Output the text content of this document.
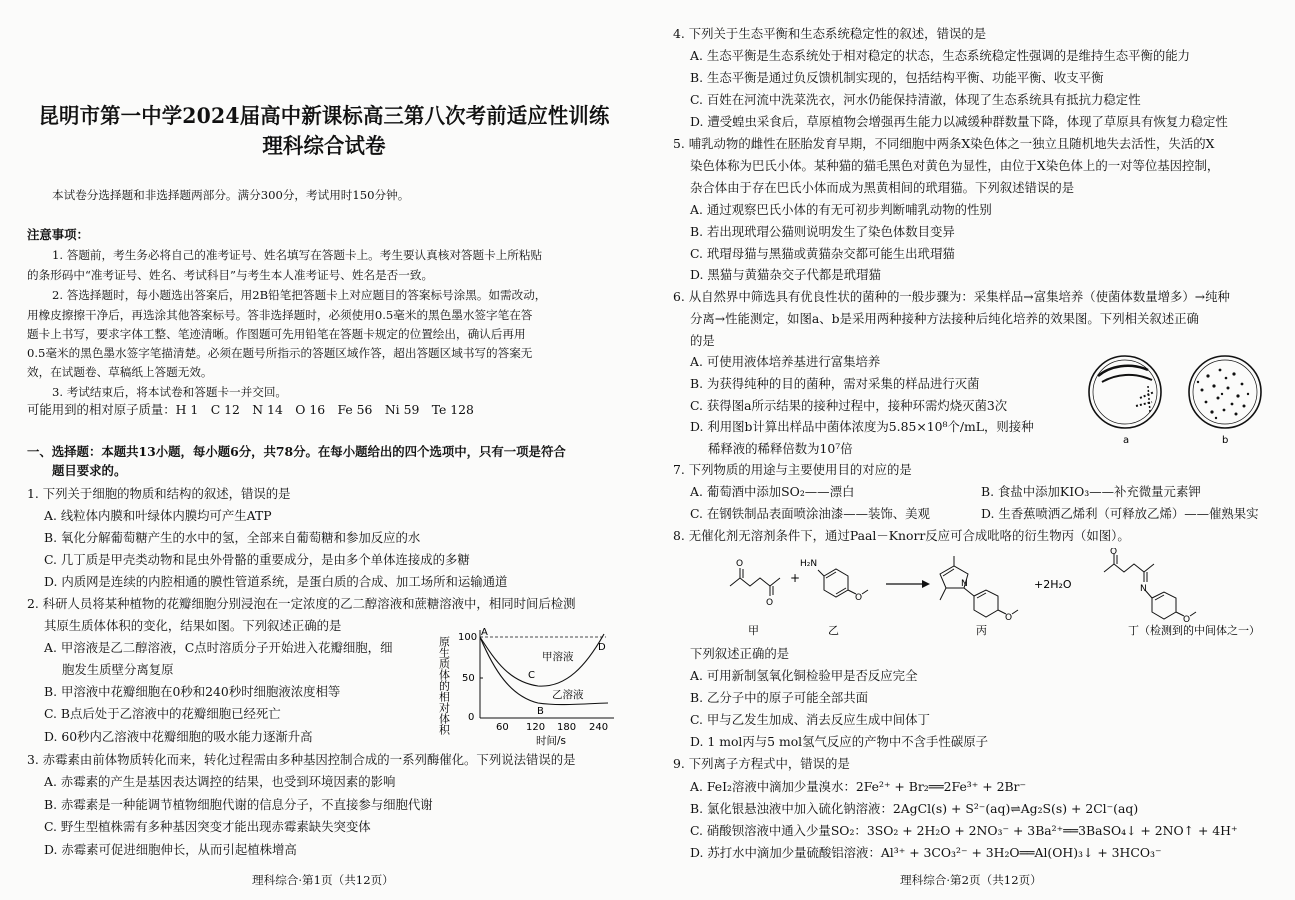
昆明市第一中学2024届高中新课标高三第八次考前适应性训练
理科综合试卷
本试卷分选择题和非选择题两部分。满分300分，考试用时150分钟。
注意事项：
1. 答题前，考生务必将自己的准考证号、姓名填写在答题卡上。考生要认真核对答题卡上所粘贴
的条形码中“准考证号、姓名、考试科目”与考生本人准考证号、姓名是否一致。
2. 答选择题时，每小题选出答案后，用2B铅笔把答题卡上对应题目的答案标号涂黑。如需改动，
用橡皮擦擦干净后，再选涂其他答案标号。答非选择题时，必须使用0.5毫米的黑色墨水签字笔在答
题卡上书写，要求字体工整、笔迹清晰。作图题可先用铅笔在答题卡规定的位置绘出，确认后再用
0.5毫米的黑色墨水签字笔描清楚。必须在题号所指示的答题区域作答，超出答题区域书写的答案无
效，在试题卷、草稿纸上答题无效。
3. 考试结束后，将本试卷和答题卡一并交回。
可能用到的相对原子质量：H 1　C 12　N 14　O 16　Fe 56　Ni 59　Te 128
一、选择题：本题共13小题，每小题6分，共78分。在每小题给出的四个选项中，只有一项是符合
题目要求的。
1. 下列关于细胞的物质和结构的叙述，错误的是
A. 线粒体内膜和叶绿体内膜均可产生ATP
B. 氧化分解葡萄糖产生的水中的氢，全部来自葡萄糖和参加反应的水
C. 几丁质是甲壳类动物和昆虫外骨骼的重要成分，是由多个单体连接成的多糖
D. 内质网是连续的内腔相通的膜性管道系统，是蛋白质的合成、加工场所和运输通道
2. 科研人员将某种植物的花瓣细胞分别浸泡在一定浓度的乙二醇溶液和蔗糖溶液中，相同时间后检测
其原生质体体积的变化，结果如图。下列叙述正确的是
A. 甲溶液是乙二醇溶液，C点时溶质分子开始进入花瓣细胞，细
胞发生质壁分离复原
B. 甲溶液中花瓣细胞在0秒和240秒时细胞液浓度相等
C. B点后处于乙溶液中的花瓣细胞已经死亡
D. 60秒内乙溶液中花瓣细胞的吸水能力逐渐升高
原生质体的相对体积 100
50
0
60 120 180 240
时间/s
A
B
C
D
甲溶液
乙溶液
3. 赤霉素由前体物质转化而来，转化过程需由多种基因控制合成的一系列酶催化。下列说法错误的是
A. 赤霉素的产生是基因表达调控的结果，也受到环境因素的影响
B. 赤霉素是一种能调节植物细胞代谢的信息分子，不直接参与细胞代谢
C. 野生型植株需有多种基因突变才能出现赤霉素缺失突变体
D. 赤霉素可促进细胞伸长，从而引起植株增高
理科综合·第1页（共12页）
4. 下列关于生态平衡和生态系统稳定性的叙述，错误的是
A. 生态平衡是生态系统处于相对稳定的状态，生态系统稳定性强调的是维持生态平衡的能力
B. 生态平衡是通过负反馈机制实现的，包括结构平衡、功能平衡、收支平衡
C. 百姓在河流中洗菜洗衣，河水仍能保持清澈，体现了生态系统具有抵抗力稳定性
D. 遭受蝗虫采食后，草原植物会增强再生能力以减缓种群数量下降，体现了草原具有恢复力稳定性
5. 哺乳动物的雌性在胚胎发育早期，不同细胞中两条X染色体之一独立且随机地失去活性，失活的X
染色体称为巴氏小体。某种猫的猫毛黑色对黄色为显性，由位于X染色体上的一对等位基因控制，
杂合体由于存在巴氏小体而成为黑黄相间的玳瑁猫。下列叙述错误的是
A. 通过观察巴氏小体的有无可初步判断哺乳动物的性别
B. 若出现玳瑁公猫则说明发生了染色体数目变异
C. 玳瑁母猫与黑猫或黄猫杂交都可能生出玳瑁猫
D. 黑猫与黄猫杂交子代都是玳瑁猫
6. 从自然界中筛选具有优良性状的菌种的一般步骤为：采集样品→富集培养（使菌体数量增多）→纯种
分离→性能测定，如图a、b是采用两种接种方法接种后纯化培养的效果图。下列相关叙述正确
的是
A. 可使用液体培养基进行富集培养
B. 为获得纯种的目的菌种，需对采集的样品进行灭菌
C. 获得图a所示结果的接种过程中，接种环需灼烧灭菌3次
D. 利用图b计算出样品中菌体浓度为5.85×10⁸个/mL，则接种
稀释液的稀释倍数为10⁷倍
a	b
7. 下列物质的用途与主要使用目的对应的是
A. 葡萄酒中添加SO₂——漂白	B. 食盐中添加KIO₃——补充微量元素钾
C. 在钢铁制品表面喷涂油漆——装饰、美观	D. 生香蕉喷洒乙烯利（可释放乙烯）——催熟果实
8. 无催化剂无溶剂条件下，通过Paal－Knorr反应可合成吡咯的衍生物丙（如图）。
O
O
甲
+
H₂N
O
乙
N
O
丙
+2H₂O
O
N
O
丁（检测到的中间体之一）
下列叙述正确的是
A. 可用新制氢氧化铜检验甲是否反应完全
B. 乙分子中的原子可能全部共面
C. 甲与乙发生加成、消去反应生成中间体丁
D. 1 mol丙与5 mol氢气反应的产物中不含手性碳原子
9. 下列离子方程式中，错误的是
A. FeI₂溶液中滴加少量溴水：2Fe²⁺ + Br₂══2Fe³⁺ + 2Br⁻
B. 氯化银悬浊液中加入硫化钠溶液：2AgCl(s) + S²⁻(aq)⇌Ag₂S(s) + 2Cl⁻(aq)
C. 硝酸钡溶液中通入少量SO₂：3SO₂ + 2H₂O + 2NO₃⁻ + 3Ba²⁺══3BaSO₄↓ + 2NO↑ + 4H⁺
D. 苏打水中滴加少量硫酸铝溶液：Al³⁺ + 3CO₃²⁻ + 3H₂O══Al(OH)₃↓ + 3HCO₃⁻
理科综合·第2页（共12页）
